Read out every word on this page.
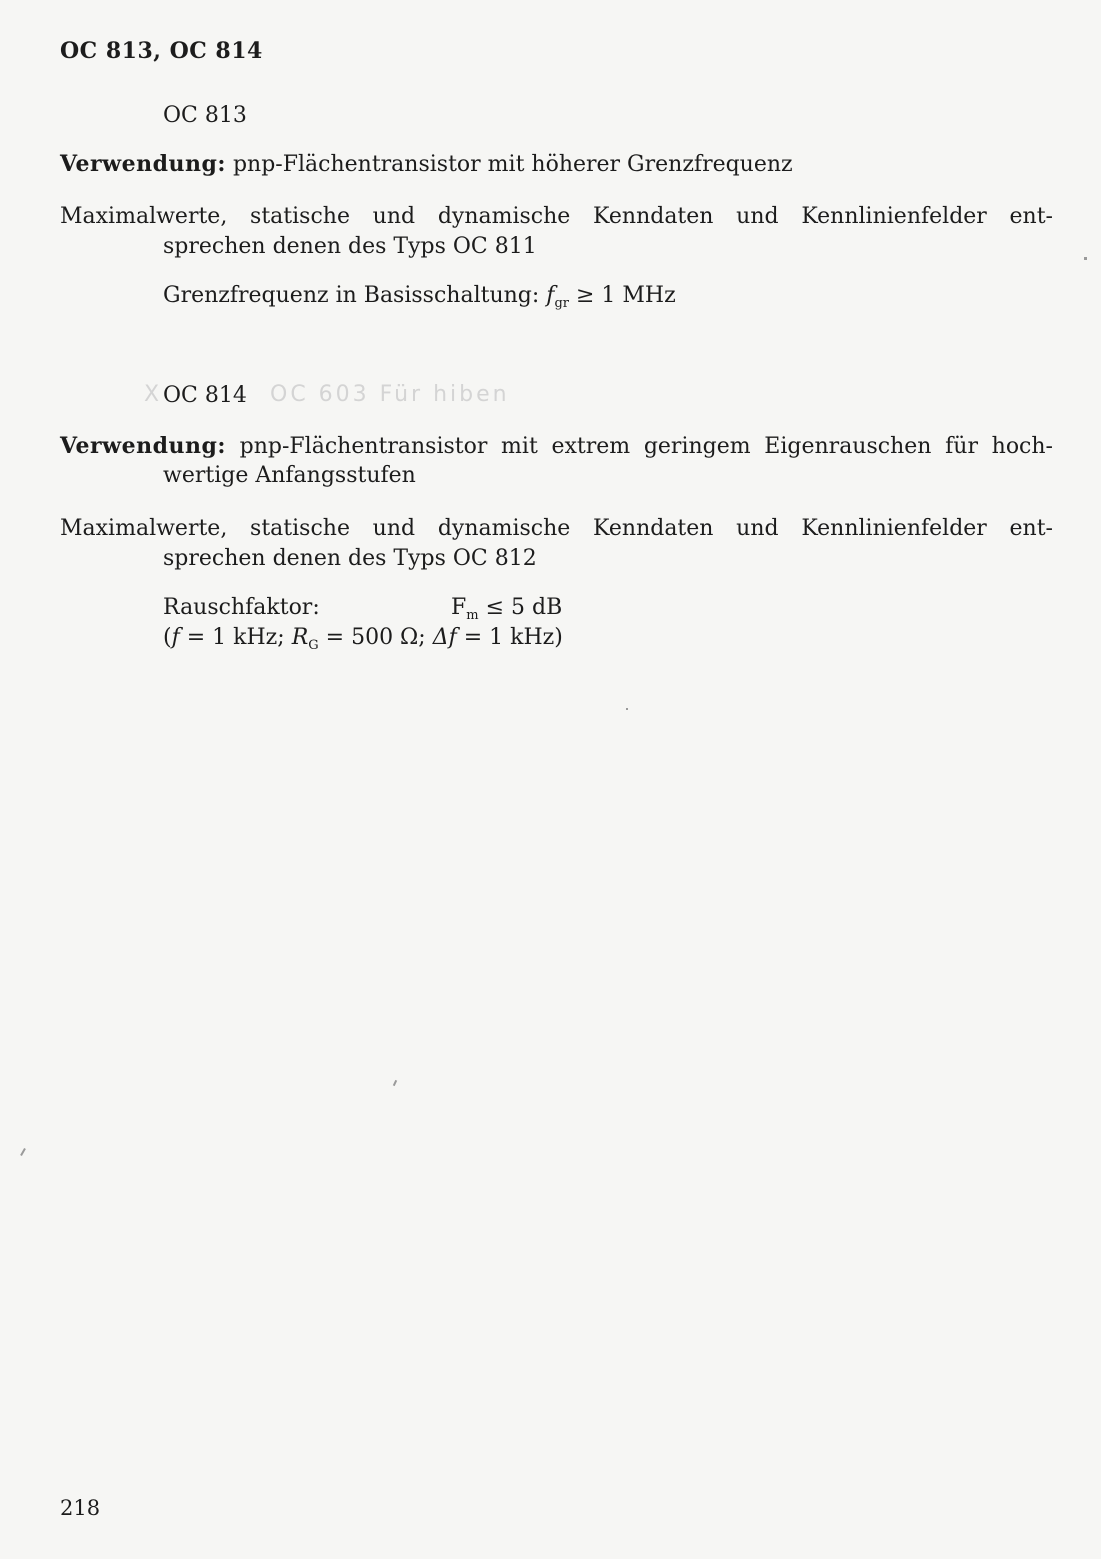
OC 813, OC 814
OC 813
Verwendung: pnp-Flächentransistor mit höherer Grenzfrequenz
Maximalwerte, statische und dynamische Kenndaten und Kennlinienfelder ent-
sprechen denen des Typs OC 811
Grenzfrequenz in Basisschaltung: $f_{gr} \ge 1$ MHz
X OC 814 OC 603 Für hiben
Verwendung: pnp-Flächentransistor mit extrem geringem Eigenrauschen für hoch-
wertige Anfangsstufen
Maximalwerte, statische und dynamische Kenndaten und Kennlinienfelder ent-
sprechen denen des Typs OC 812
Rauschfaktor:	$F_m \le 5$ dB
(f = 1 kHz; $R_G = 500$ Ω; Δf = 1 kHz)
218
